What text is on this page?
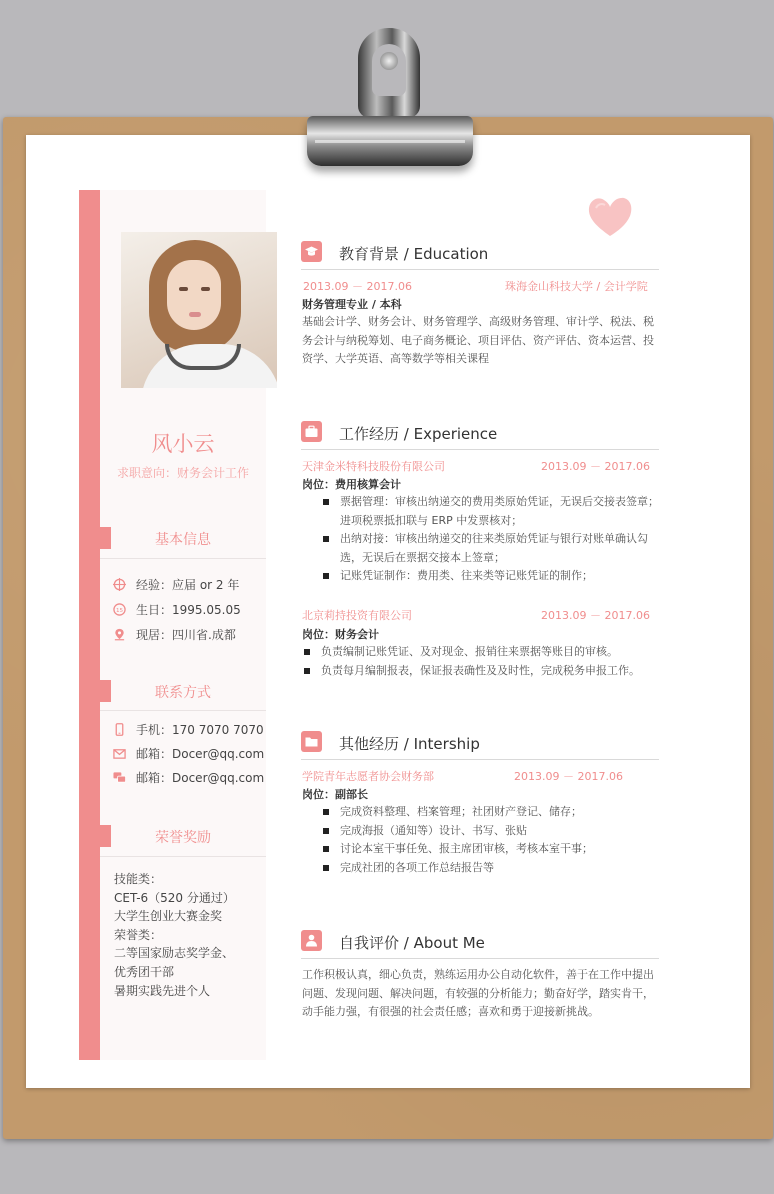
风小云
求职意向：财务会计工作
基本信息
经验：应届 or 2 年
15 生日：1995.05.05
现居：四川省.成都
联系方式
手机：170 7070 7070
邮箱：Docer@qq.com
邮箱：Docer@qq.com
荣誉奖励
技能类：
CET-6（520 分通过）
大学生创业大赛金奖
荣誉类：
二等国家励志奖学金、
优秀团干部
暑期实践先进个人
教育背景 / Education
2013.09 － 2017.06	珠海金山科技大学 / 会计学院
财务管理专业 / 本科
基础会计学、财务会计、财务管理学、高级财务管理、审计学、税法、税务会计与纳税筹划、电子商务概论、项目评估、资产评估、资本运营、投资学、大学英语、高等数学等相关课程
工作经历 / Experience
天津金米特科技股份有限公司	2013.09 － 2017.06
岗位：费用核算会计
票据管理：审核出纳递交的费用类原始凭证，无误后交接表签章；进项税票抵扣联与 ERP 中发票核对；
出纳对接：审核出纳递交的往来类原始凭证与银行对账单确认勾选，无误后在票据交接本上签章；
记账凭证制作：费用类、往来类等记账凭证的制作；
北京莉持投资有限公司	2013.09 － 2017.06
岗位：财务会计
负责编制记账凭证、及对现金、报销往来票据等账目的审核。
负责每月编制报表，保证报表确性及及时性，完成税务申报工作。
其他经历 / Intership
学院青年志愿者协会财务部	2013.09 － 2017.06
岗位：副部长
完成资料整理、档案管理；社团财产登记、储存；
完成海报（通知等）设计、书写、张贴
讨论本室干事任免、报主席团审核，考核本室干事；
完成社团的各项工作总结报告等
自我评价 / About Me
工作积极认真，细心负责，熟练运用办公自动化软件，善于在工作中提出问题、发现问题、解决问题，有较强的分析能力；勤奋好学，踏实肯干，动手能力强，有很强的社会责任感；喜欢和勇于迎接新挑战。
